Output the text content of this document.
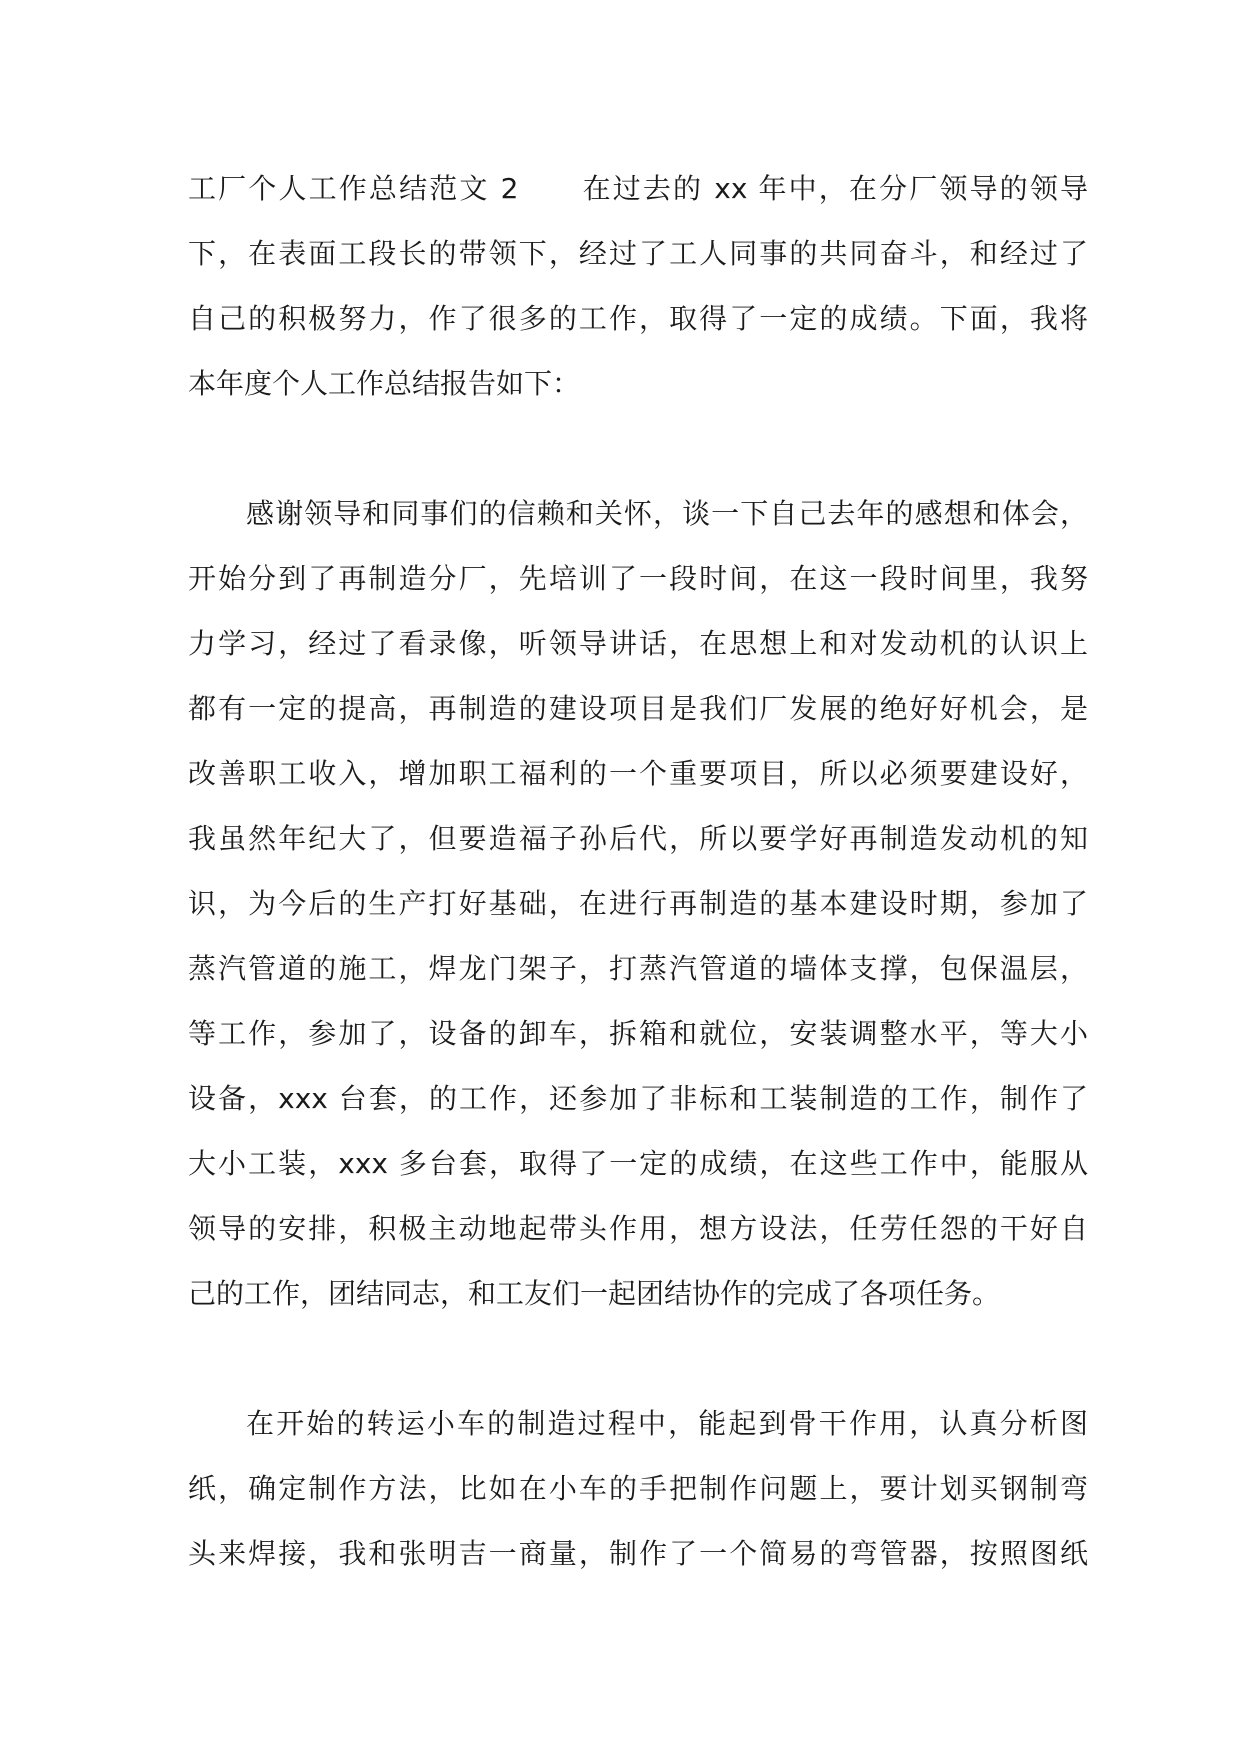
工厂个人工作总结范文 2 在过去的 xx 年中，在分厂领导的领导
下，在表面工段长的带领下，经过了工人同事的共同奋斗，和经过了
自己的积极努力，作了很多的工作，取得了一定的成绩。下面，我将
本年度个人工作总结报告如下：
感谢领导和同事们的信赖和关怀，谈一下自己去年的感想和体会，
开始分到了再制造分厂，先培训了一段时间，在这一段时间里，我努
力学习，经过了看录像，听领导讲话，在思想上和对发动机的认识上
都有一定的提高，再制造的建设项目是我们厂发展的绝好好机会，是
改善职工收入，增加职工福利的一个重要项目，所以必须要建设好，
我虽然年纪大了，但要造福子孙后代，所以要学好再制造发动机的知
识，为今后的生产打好基础，在进行再制造的基本建设时期，参加了
蒸汽管道的施工，焊龙门架子，打蒸汽管道的墙体支撑，包保温层，
等工作，参加了，设备的卸车，拆箱和就位，安装调整水平，等大小
设备，xxx 台套，的工作，还参加了非标和工装制造的工作，制作了
大小工装，xxx 多台套，取得了一定的成绩，在这些工作中，能服从
领导的安排，积极主动地起带头作用，想方设法，任劳任怨的干好自
己的工作，团结同志，和工友们一起团结协作的完成了各项任务。
在开始的转运小车的制造过程中，能起到骨干作用，认真分析图
纸，确定制作方法，比如在小车的手把制作问题上，要计划买钢制弯
头来焊接，我和张明吉一商量，制作了一个简易的弯管器，按照图纸
